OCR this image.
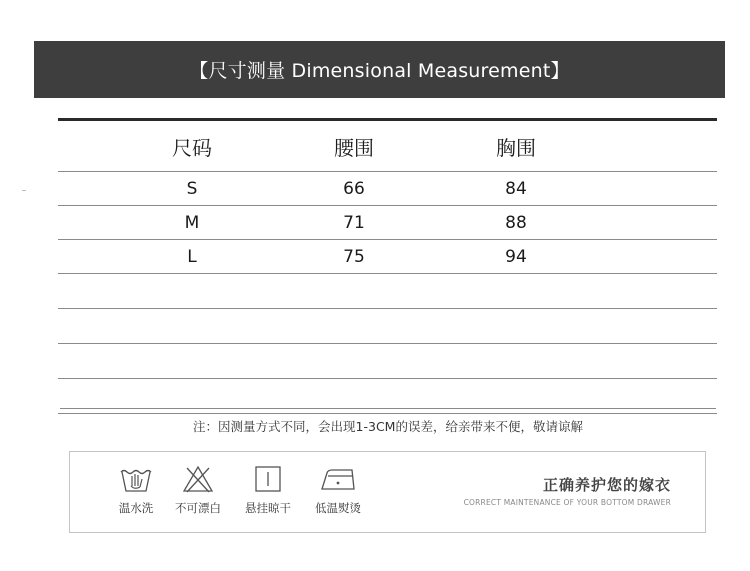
【尺寸测量 Dimensional Measurement】
尺码	腰围	胸围
S	66	84
M	71	88
L	75	94
注：因测量方式不同，会出现1-3CM的误差，给亲带来不便，敬请谅解
温水洗	不可漂白	悬挂晾干	低温熨烫
正确养护您的嫁衣
CORRECT MAINTENANCE OF YOUR BOTTOM DRAWER
